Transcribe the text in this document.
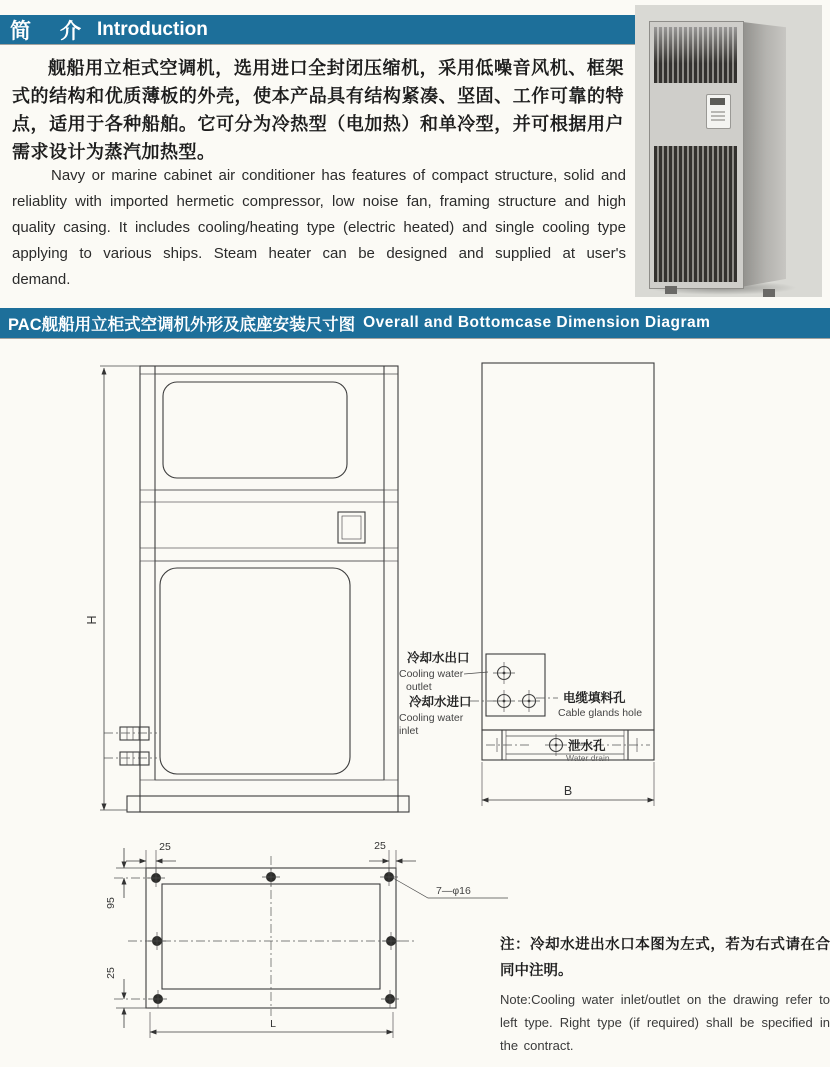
简　介 Introduction
舰船用立柜式空调机，选用进口全封闭压缩机，采用低噪音风机、框架式的结构和优质薄板的外壳，使本产品具有结构紧凑、坚固、工作可靠的特点，适用于各种船舶。它可分为冷热型（电加热）和单冷型，并可根据用户需求设计为蒸汽加热型。
Navy or marine cabinet air conditioner has features of compact structure, solid and reliablity with imported hermetic compressor, low noise fan, framing structure and high quality casing. It includes cooling/heating type (electric heated) and single cooling type applying to various ships. Steam heater can be designed and supplied at user's demand.
PAC舰船用立柜式空调机外形及底座安装尺寸图 Overall and Bottomcase Dimension Diagram
H
B
冷却水出口
Cooling water
outlet
冷却水进口
Cooling water
inlet
电缆填料孔
Cable glands hole
泄水孔
Water drain
25	25
95
25
L
7—φ16
注：冷却水进出水口本图为左式，若为右式请在合同中注明。
Note:Cooling water inlet/outlet on the drawing refer to left type. Right type (if required) shall be specified in the contract.
